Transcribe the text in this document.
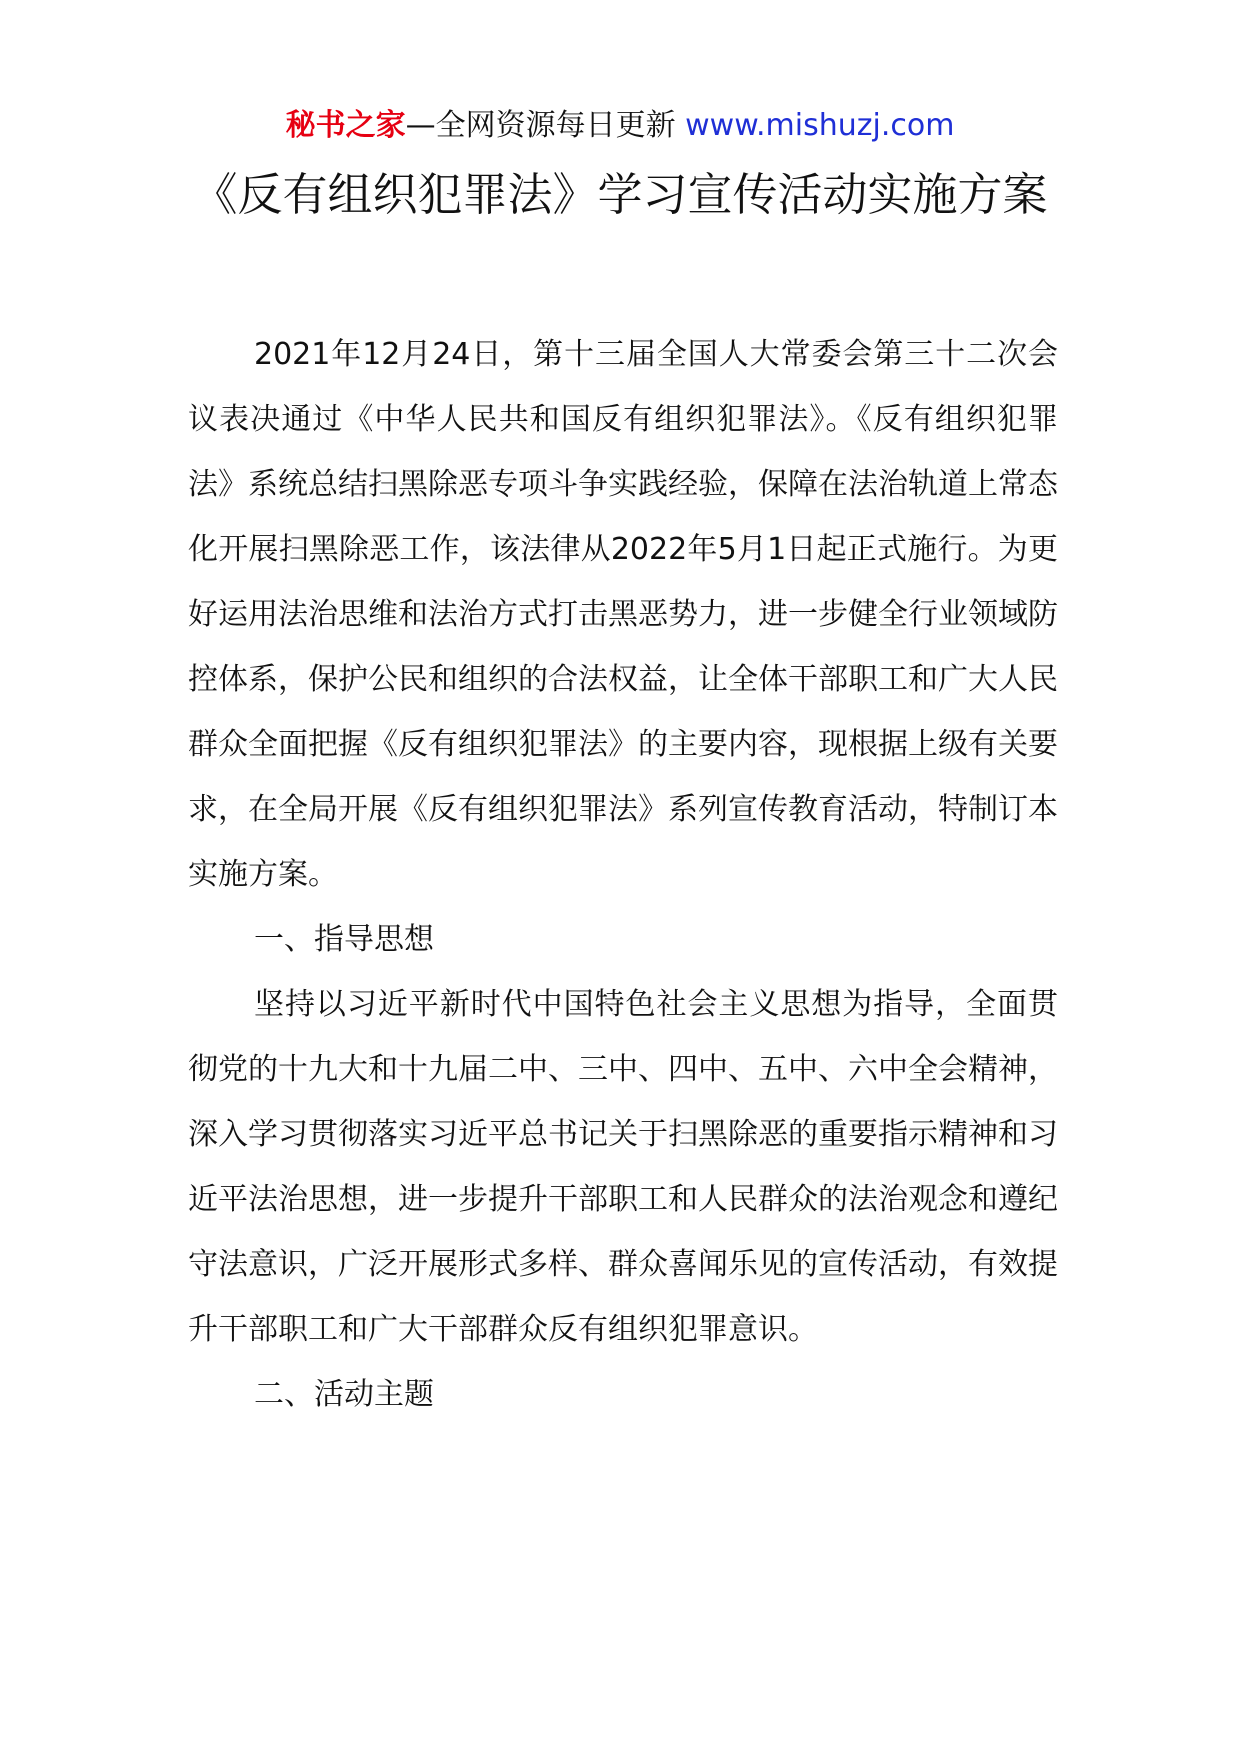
秘书之家—全网资源每日更新 www.mishuzj.com
《反有组织犯罪法》学习宣传活动实施方案

2021年12月24日，第十三届全国人大常委会第三十二次会议表决通过《中华人民共和国反有组织犯罪法》。《反有组织犯罪法》系统总结扫黑除恶专项斗争实践经验，保障在法治轨道上常态化开展扫黑除恶工作，该法律从2022年5月1日起正式施行。为更好运用法治思维和法治方式打击黑恶势力，进一步健全行业领域防控体系，保护公民和组织的合法权益，让全体干部职工和广大人民群众全面把握《反有组织犯罪法》的主要内容，现根据上级有关要求，在全局开展《反有组织犯罪法》系列宣传教育活动，特制订本实施方案。

一、指导思想

坚持以习近平新时代中国特色社会主义思想为指导，全面贯彻党的十九大和十九届二中、三中、四中、五中、六中全会精神，深入学习贯彻落实习近平总书记关于扫黑除恶的重要指示精神和习近平法治思想，进一步提升干部职工和人民群众的法治观念和遵纪守法意识，广泛开展形式多样、群众喜闻乐见的宣传活动，有效提升干部职工和广大干部群众反有组织犯罪意识。

二、活动主题
